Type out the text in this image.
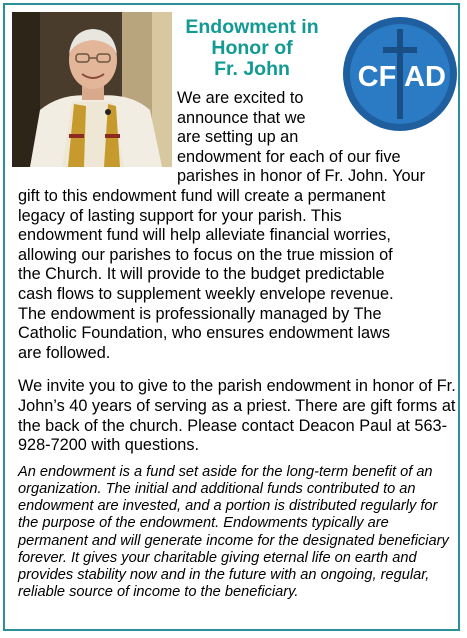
Endowment in
Honor of
Fr. John	CF AD

We are excited to
announce that we
are setting up an
endowment for each of our five
parishes in honor of Fr. John. Your
gift to this endowment fund will create a permanent
legacy of lasting support for your parish. This
endowment fund will help alleviate financial worries,
allowing our parishes to focus on the true mission of
the Church. It will provide to the budget predictable
cash flows to supplement weekly envelope revenue.
The endowment is professionally managed by The
Catholic Foundation, who ensures endowment laws
are followed.

We invite you to give to the parish endowment in honor of Fr. John’s 40 years of serving as a priest. There are gift forms at the back of the church. Please contact Deacon Paul at 563-928-7200 with questions.

An endowment is a fund set aside for the long-term benefit of an organization. The initial and additional funds contributed to an endowment are invested, and a portion is distributed regularly for the purpose of the endowment. Endowments typically are permanent and will generate income for the designated beneficiary forever. It gives your charitable giving eternal life on earth and provides stability now and in the future with an ongoing, regular, reliable source of income to the beneficiary.
